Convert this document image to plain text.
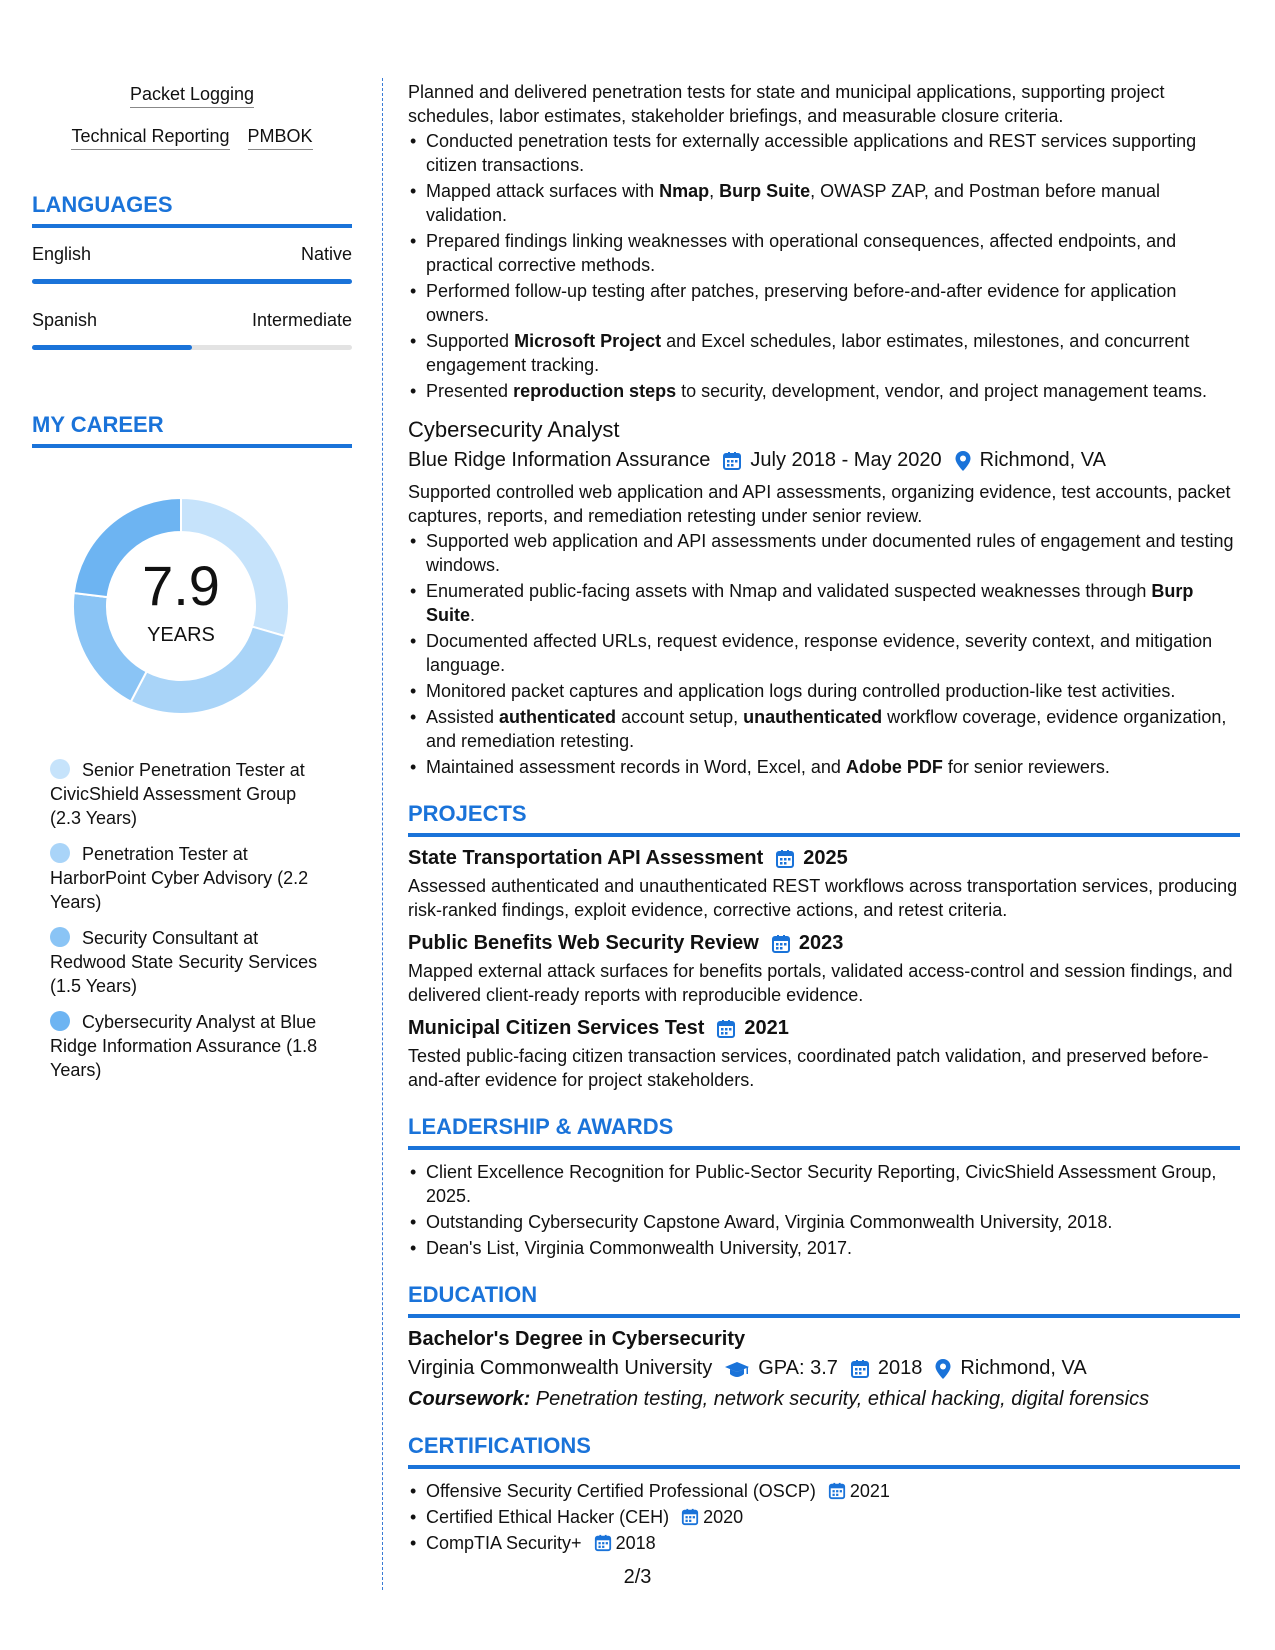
Packet Logging
Technical Reporting PMBOK
LANGUAGES
English	Native
Spanish	Intermediate
MY CAREER
7.9
YEARS
Senior Penetration Tester at CivicShield Assessment Group (2.3 Years)
Penetration Tester at HarborPoint Cyber Advisory (2.2 Years)
Security Consultant at Redwood State Security Services (1.5 Years)
Cybersecurity Analyst at Blue Ridge Information Assurance (1.8 Years)
Planned and delivered penetration tests for state and municipal applications, supporting project schedules, labor estimates, stakeholder briefings, and measurable closure criteria.
• Conducted penetration tests for externally accessible applications and REST services supporting citizen transactions.
• Mapped attack surfaces with Nmap, Burp Suite, OWASP ZAP, and Postman before manual validation.
• Prepared findings linking weaknesses with operational consequences, affected endpoints, and practical corrective methods.
• Performed follow-up testing after patches, preserving before-and-after evidence for application owners.
• Supported Microsoft Project and Excel schedules, labor estimates, milestones, and concurrent engagement tracking.
• Presented reproduction steps to security, development, vendor, and project management teams.
Cybersecurity Analyst
Blue Ridge Information Assurance July 2018 - May 2020 Richmond, VA
Supported controlled web application and API assessments, organizing evidence, test accounts, packet captures, reports, and remediation retesting under senior review.
• Supported web application and API assessments under documented rules of engagement and testing windows.
• Enumerated public-facing assets with Nmap and validated suspected weaknesses through Burp Suite.
• Documented affected URLs, request evidence, response evidence, severity context, and mitigation language.
• Monitored packet captures and application logs during controlled production-like test activities.
• Assisted authenticated account setup, unauthenticated workflow coverage, evidence organization, and remediation retesting.
• Maintained assessment records in Word, Excel, and Adobe PDF for senior reviewers.
PROJECTS
State Transportation API Assessment 2025
Assessed authenticated and unauthenticated REST workflows across transportation services, producing risk-ranked findings, exploit evidence, corrective actions, and retest criteria.
Public Benefits Web Security Review 2023
Mapped external attack surfaces for benefits portals, validated access-control and session findings, and delivered client-ready reports with reproducible evidence.
Municipal Citizen Services Test 2021
Tested public-facing citizen transaction services, coordinated patch validation, and preserved before-and-after evidence for project stakeholders.
LEADERSHIP & AWARDS
• Client Excellence Recognition for Public-Sector Security Reporting, CivicShield Assessment Group, 2025.
• Outstanding Cybersecurity Capstone Award, Virginia Commonwealth University, 2018.
• Dean's List, Virginia Commonwealth University, 2017.
EDUCATION
Bachelor's Degree in Cybersecurity
Virginia Commonwealth University GPA: 3.7 2018 Richmond, VA
Coursework: Penetration testing, network security, ethical hacking, digital forensics
CERTIFICATIONS
• Offensive Security Certified Professional (OSCP) 2021
• Certified Ethical Hacker (CEH) 2020
• CompTIA Security+ 2018
2/3
